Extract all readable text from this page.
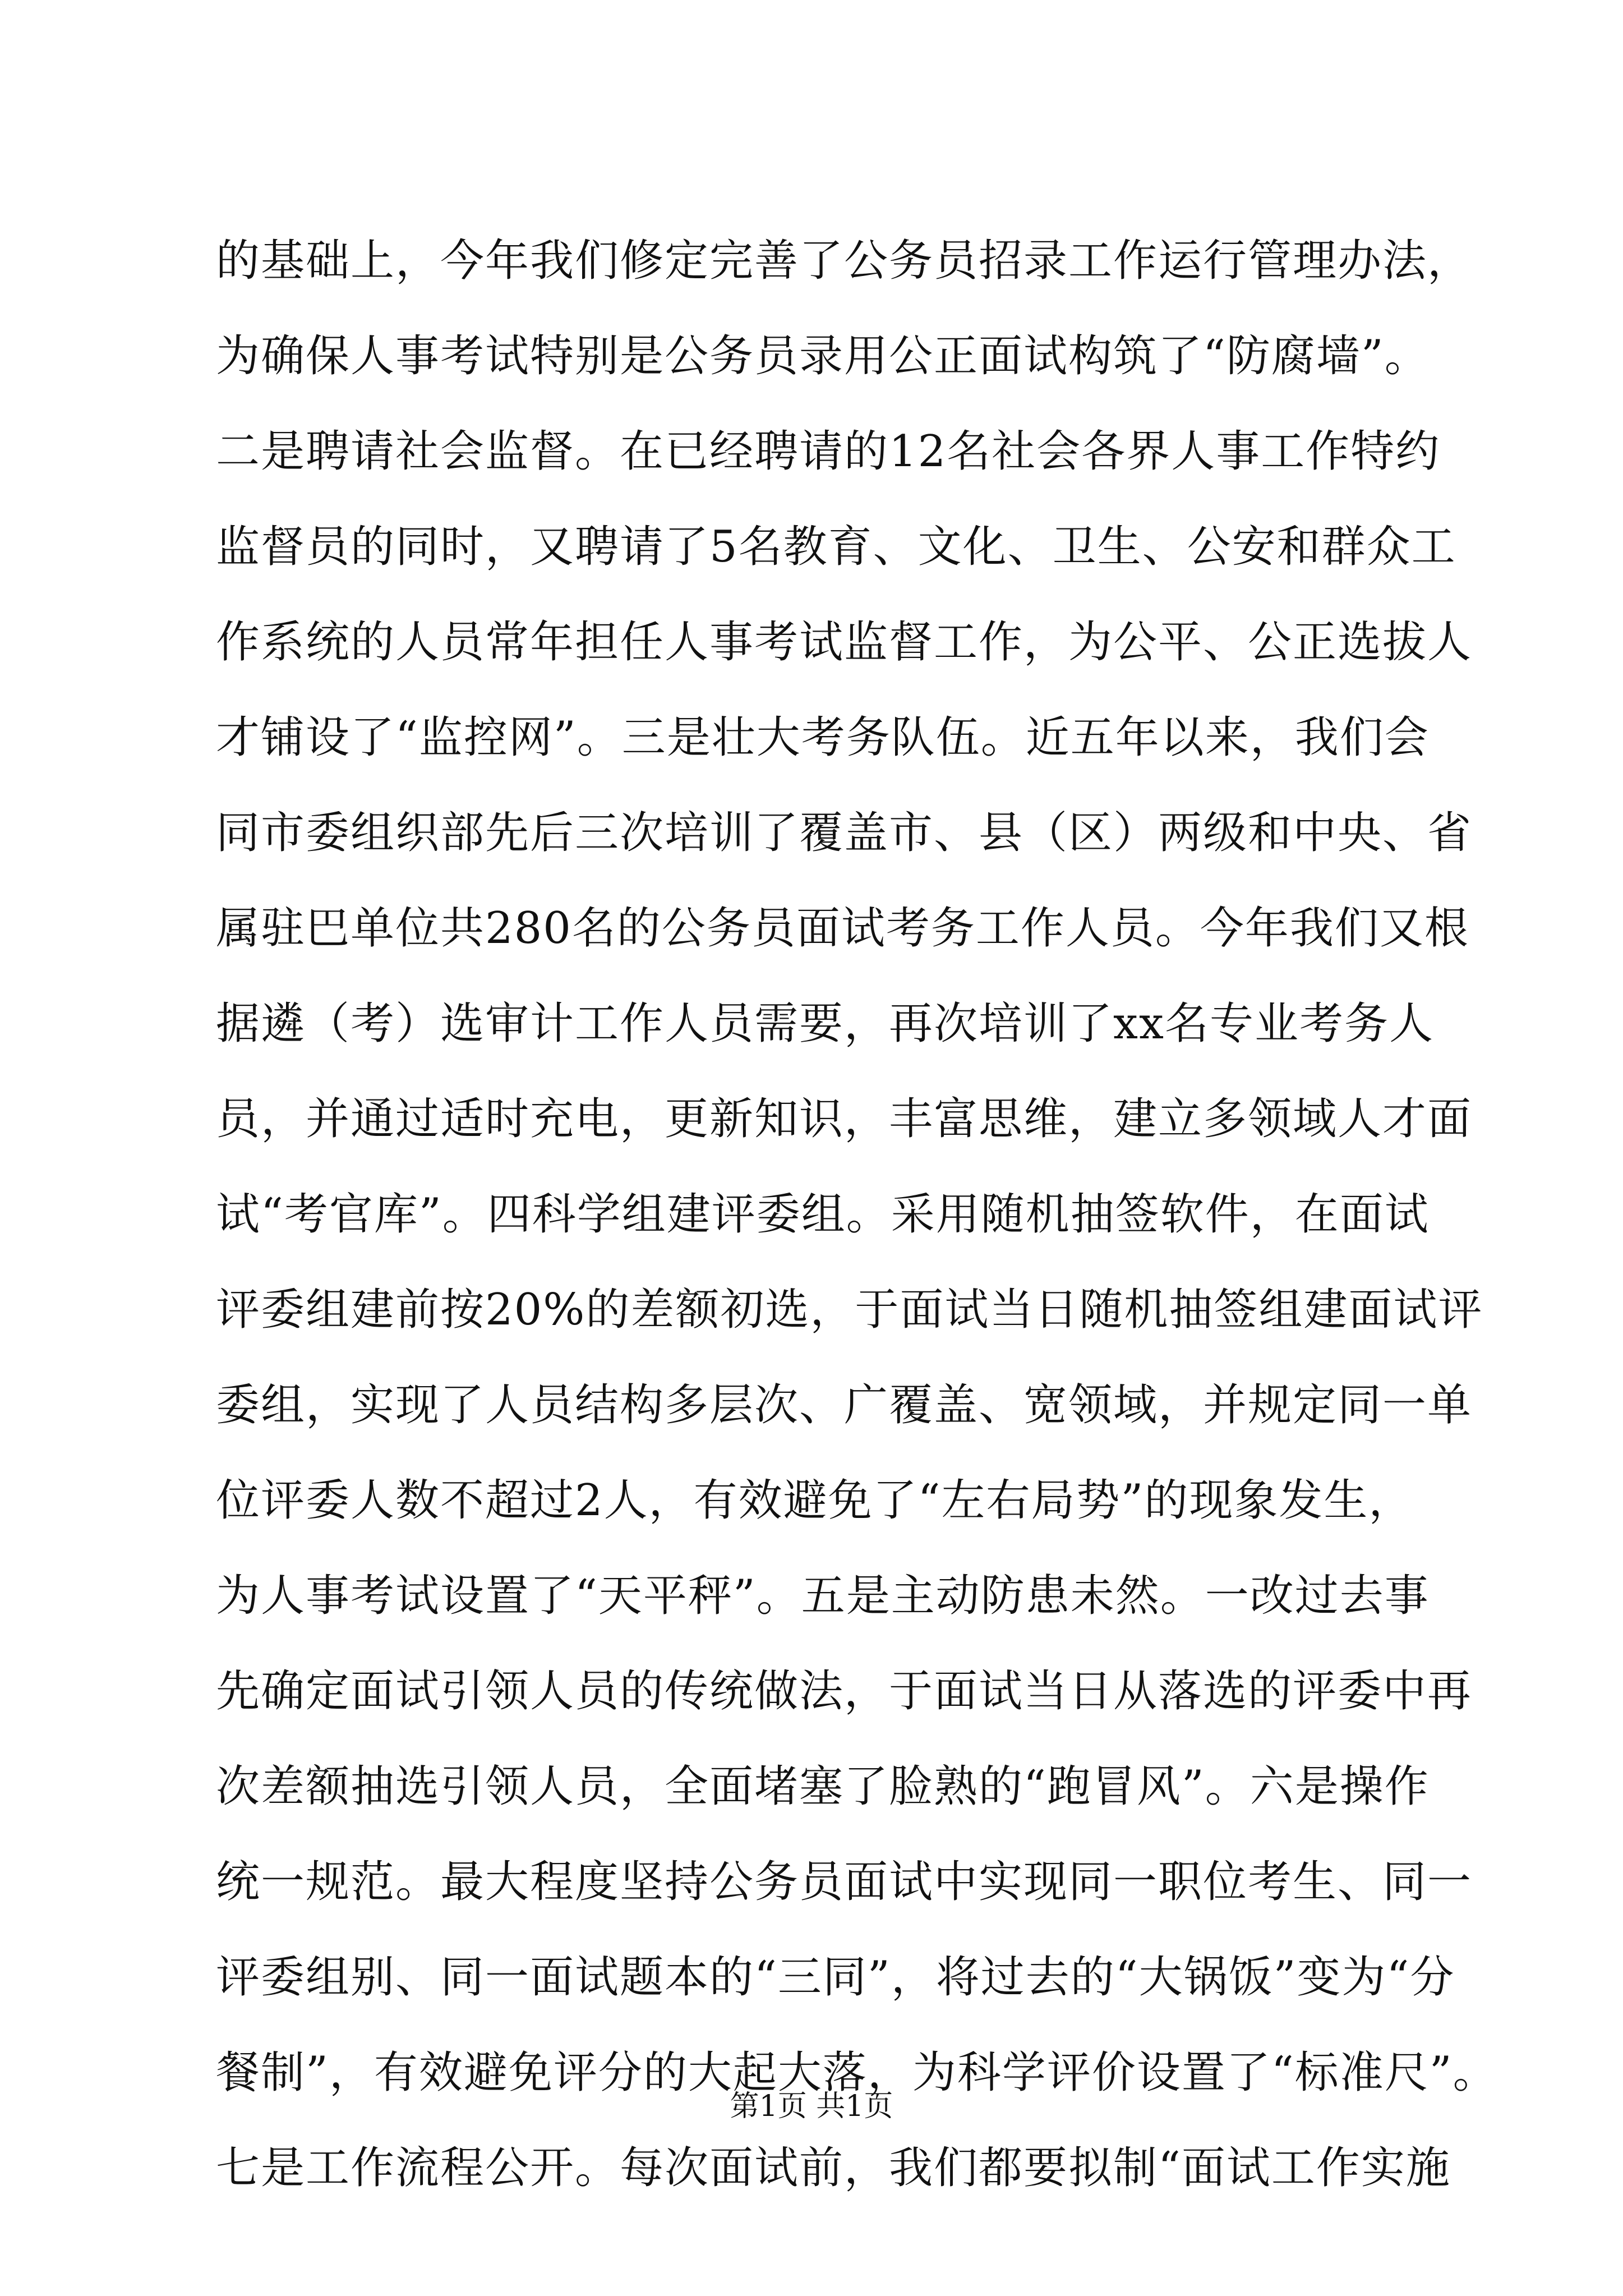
的基础上，今年我们修定完善了公务员招录工作运行管理办法，
为确保人事考试特别是公务员录用公正面试构筑了“防腐墙”。
二是聘请社会监督。在已经聘请的12名社会各界人事工作特约
监督员的同时，又聘请了5名教育、文化、卫生、公安和群众工
作系统的人员常年担任人事考试监督工作，为公平、公正选拔人
才铺设了“监控网”。三是壮大考务队伍。近五年以来，我们会
同市委组织部先后三次培训了覆盖市、县（区）两级和中央、省
属驻巴单位共280名的公务员面试考务工作人员。今年我们又根
据遴（考）选审计工作人员需要，再次培训了xx名专业考务人
员，并通过适时充电，更新知识，丰富思维，建立多领域人才面
试“考官库”。四科学组建评委组。采用随机抽签软件，在面试
评委组建前按20%的差额初选，于面试当日随机抽签组建面试评
委组，实现了人员结构多层次、广覆盖、宽领域，并规定同一单
位评委人数不超过2人，有效避免了“左右局势”的现象发生，
为人事考试设置了“天平秤”。五是主动防患未然。一改过去事
先确定面试引领人员的传统做法，于面试当日从落选的评委中再
次差额抽选引领人员，全面堵塞了脸熟的“跑冒风”。六是操作
统一规范。最大程度坚持公务员面试中实现同一职位考生、同一
评委组别、同一面试题本的“三同”，将过去的“大锅饭”变为“分
餐制”，有效避免评分的大起大落，为科学评价设置了“标准尺”。
七是工作流程公开。每次面试前，我们都要拟制“面试工作实施
第1页 共1页
